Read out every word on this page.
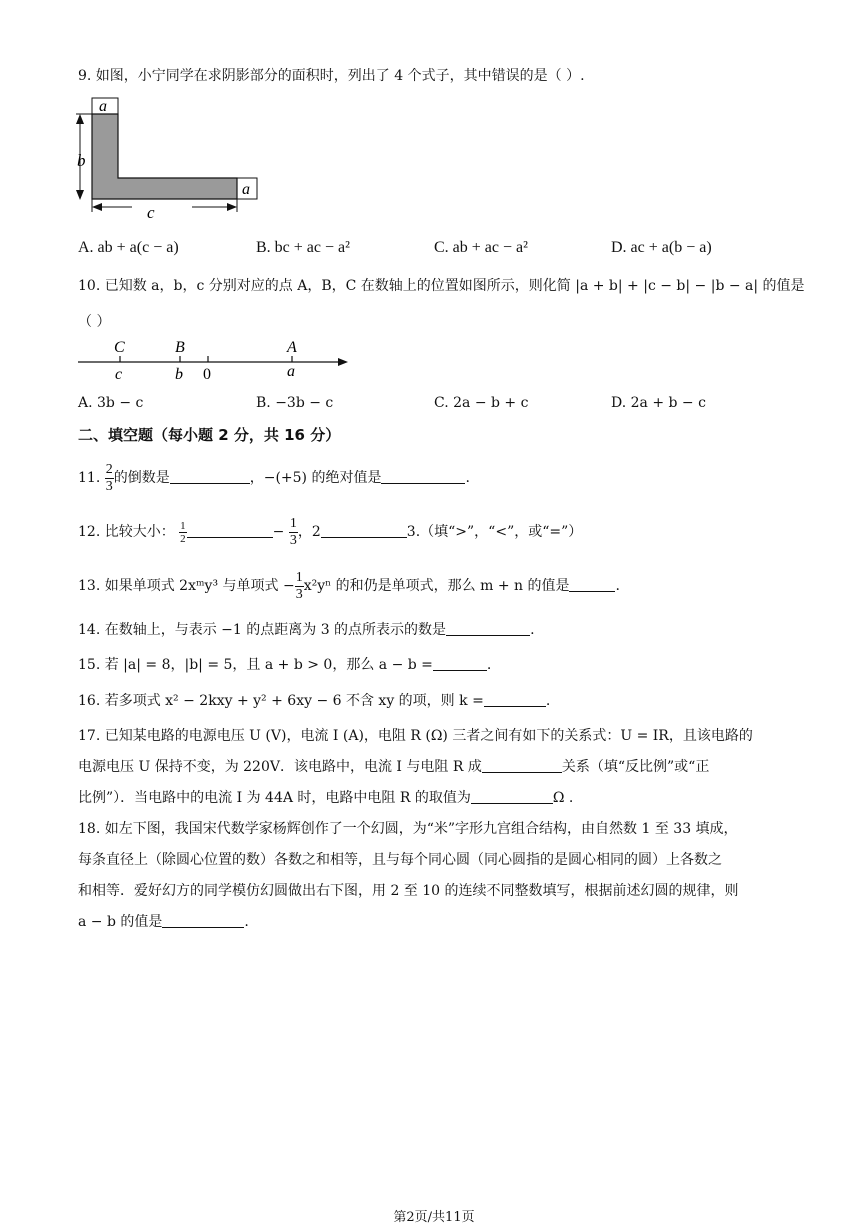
9. 如图，小宁同学在求阴影部分的面积时，列出了 4 个式子，其中错误的是（ ）.
a
b
a
c
A. ab + a(c − a)	B. bc + ac − a²	C. ab + ac − a²	D. ac + a(b − a)
10. 已知数 a，b，c 分别对应的点 A，B，C 在数轴上的位置如图所示，则化简 |a + b| + |c − b| − |b − a| 的值是
（ ）
C	B	A
c	b 0	a
A. 3b − c	B. −3b − c	C. 2a − b + c	D. 2a + b − c
二、填空题（每小题 2 分，共 16 分）
11. $\frac{2}{3}$ 的倒数是	，−(+5) 的绝对值是	.
12. 比较大小： $\frac{1}{2}$	− $\frac{1}{3}$ ，2	3.（填“>”，“<”，或“=”）
13. 如果单项式 2xᵐy³ 与单项式 − $\frac{1}{3} x^2y^n$ 的和仍是单项式，那么 m + n 的值是	.
14. 在数轴上，与表示 −1 的点距离为 3 的点所表示的数是	.
15. 若 |a| = 8，|b| = 5，且 a + b > 0，那么 a − b =	.
16. 若多项式 x² − 2kxy + y² + 6xy − 6 不含 xy 的项，则 k =	.
17. 已知某电路的电源电压 U (V)，电流 I (A)，电阻 R (Ω) 三者之间有如下的关系式：U = IR，且该电路的
电源电压 U 保持不变，为 220V．该电路中，电流 I 与电阻 R 成	关系（填“反比例”或“正
比例”）．当电路中的电流 I 为 44A 时，电路中电阻 R 的取值为	Ω .
18. 如左下图，我国宋代数学家杨辉创作了一个幻圆，为“米”字形九宫组合结构，由自然数 1 至 33 填成，
每条直径上（除圆心位置的数）各数之和相等，且与每个同心圆（同心圆指的是圆心相同的圆）上各数之
和相等．爱好幻方的同学模仿幻圆做出右下图，用 2 至 10 的连续不同整数填写，根据前述幻圆的规律，则
a − b 的值是	.
第2页/共11页
